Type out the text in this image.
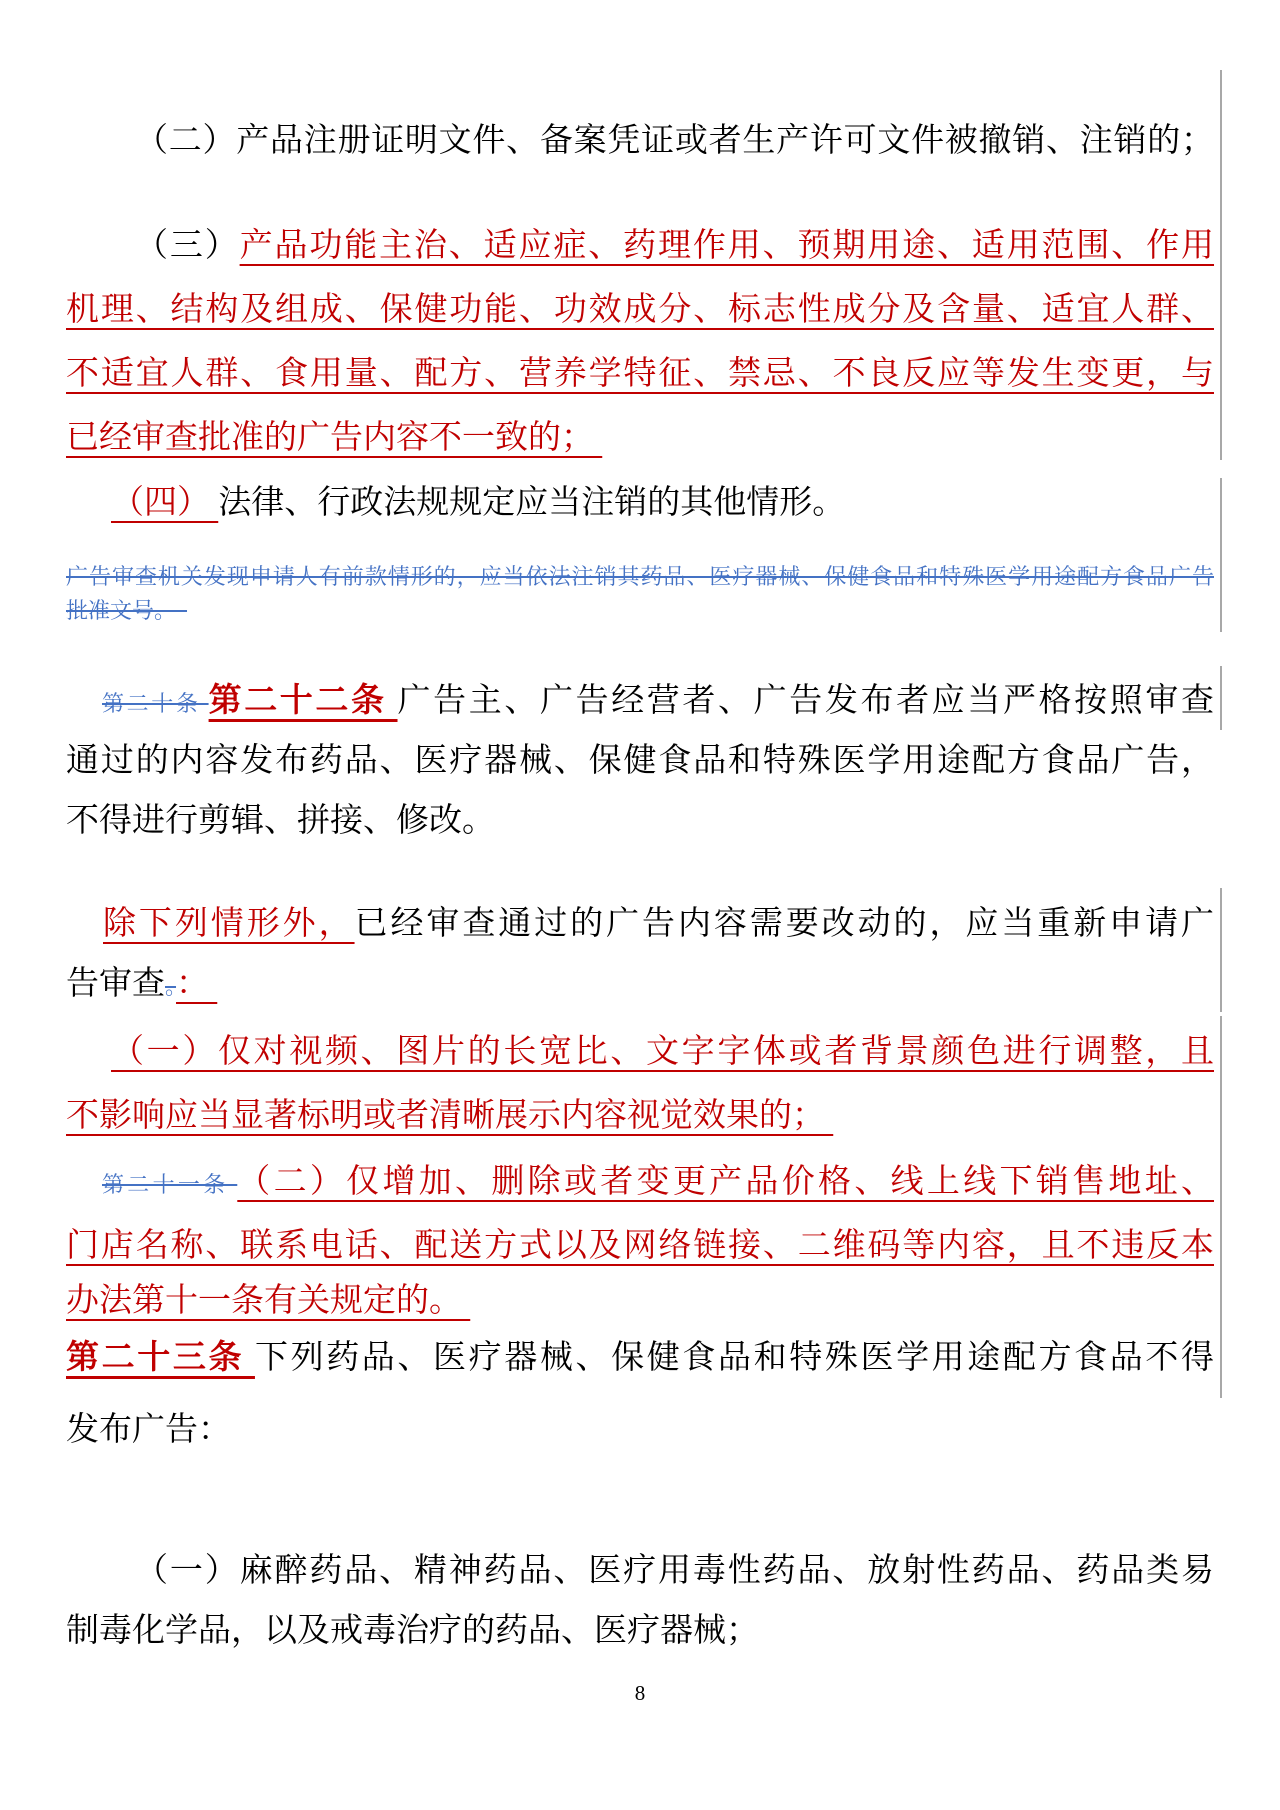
（二）产品注册证明文件、备案凭证或者生产许可文件被撤销、注销的；
（三）产品功能主治、适应症、药理作用、预期用途、适用范围、作用
机理、结构及组成、保健功能、功效成分、标志性成分及含量、适宜人群、
不适宜人群、食用量、配方、营养学特征、禁忌、不良反应等发生变更，与
已经审查批准的广告内容不一致的；
（四） 法律、行政法规规定应当注销的其他情形。
广告审查机关发现申请人有前款情形的，应当依法注销其药品、医疗器械、保健食品和特殊医学用途配方食品广告
批准文号。
第二十条 第二十二条 广告主、广告经营者、广告发布者应当严格按照审查
通过的内容发布药品、医疗器械、保健食品和特殊医学用途配方食品广告，
不得进行剪辑、拼接、修改。
除下列情形外，已经审查通过的广告内容需要改动的，应当重新申请广
告审查。：
（一）仅对视频、图片的长宽比、文字字体或者背景颜色进行调整，且
不影响应当显著标明或者清晰展示内容视觉效果的；
第二十一条 （二）仅增加、删除或者变更产品价格、线上线下销售地址、
门店名称、联系电话、配送方式以及网络链接、二维码等内容，且不违反本
办法第十一条有关规定的。
第二十三条 下列药品、医疗器械、保健食品和特殊医学用途配方食品不得
发布广告：
（一）麻醉药品、精神药品、医疗用毒性药品、放射性药品、药品类易
制毒化学品，以及戒毒治疗的药品、医疗器械；
8
